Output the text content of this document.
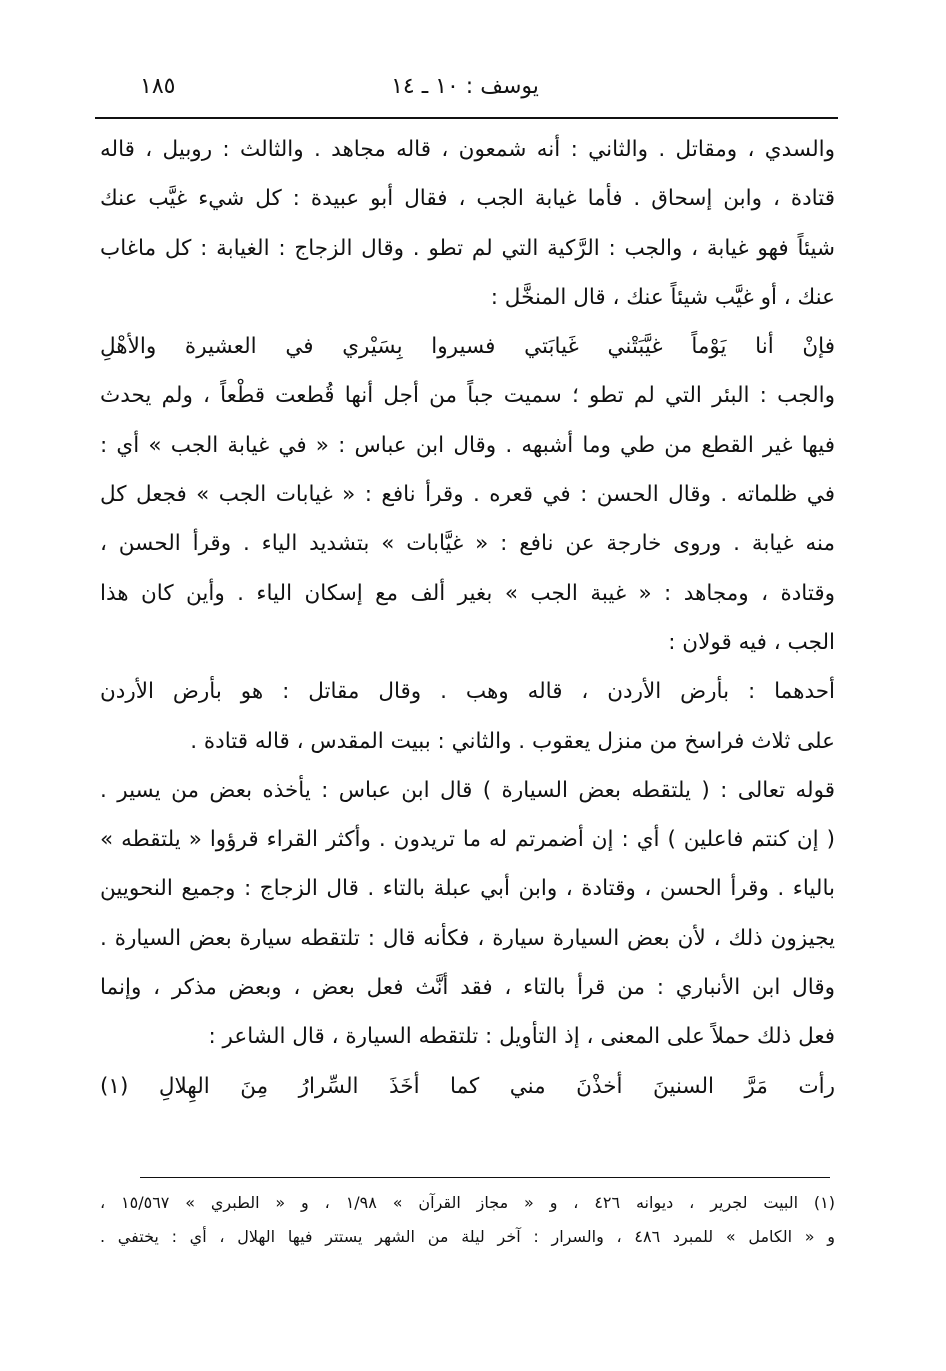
يوسف : ١٠ ـ ١٤
١٨٥
والسدي ، ومقاتل . والثاني : أنه شمعون ، قاله مجاهد . والثالث : روبيل ، قاله
قتادة ، وابن إسحاق . فأما غيابة الجب ، فقال أبو عبيدة : كل شيء غيَّب عنك
شيئاً فهو غيابة ، والجب : الرَّكية التي لم تطو . وقال الزجاج : الغيابة : كل ماغاب
عنك ، أو غيَّب شيئاً عنك ، قال المنخَّل :
فإنْ أنا يَوْماً غيَّبَتْني غَيابَتي فسيروا بِسَيْري في العشيرة والأهْلِ
والجب : البئر التي لم تطو ؛ سميت جباً من أجل أنها قُطعت قطْعاً ، ولم يحدث
فيها غير القطع من طي وما أشبهه . وقال ابن عباس : « في غيابة الجب » أي :
في ظلماته . وقال الحسن : في قعره . وقرأ نافع : « غيابات الجب » فجعل كل
منه غيابة . وروى خارجة عن نافع : « غيَّابات » بتشديد الياء . وقرأ الحسن ،
وقتادة ، ومجاهد : « غيبة الجب » بغير ألف مع إسكان الياء . وأين كان هذا
الجب ، فيه قولان :
أحدهما : بأرض الأردن ، قاله وهب . وقال مقاتل : هو بأرض الأردن
على ثلاث فراسخ من منزل يعقوب . والثاني : ببيت المقدس ، قاله قتادة .
قوله تعالى : ( يلتقطه بعض السيارة ) قال ابن عباس : يأخذه بعض من يسير .
( إن كنتم فاعلين ) أي : إن أضمرتم له ما تريدون . وأكثر القراء قرؤوا « يلتقطه »
بالياء . وقرأ الحسن ، وقتادة ، وابن أبي عبلة بالتاء . قال الزجاج : وجميع النحويين
يجيزون ذلك ، لأن بعض السيارة سيارة ، فكأنه قال : تلتقطه سيارة بعض السيارة .
وقال ابن الأنباري : من قرأ بالتاء ، فقد أنَّث فعل بعض ، وبعض مذكر ، وإنما
فعل ذلك حملاً على المعنى ، إذ التأويل : تلتقطه السيارة ، قال الشاعر :
رأت مَرَّ السنينَ أخذْنَ مني كما أخَذَ السِّرارُ مِنَ الهِلالِ (١)
(١) البيت لجرير ، ديوانه ٤٢٦ ، و « مجاز القرآن » ١/٩٨ ، و « الطبري » ١٥/٥٦٧ ،
و « الكامل » للمبرد ٤٨٦ ، والسرار : آخر ليلة من الشهر يستتر فيها الهلال ، أي : يختفي .
